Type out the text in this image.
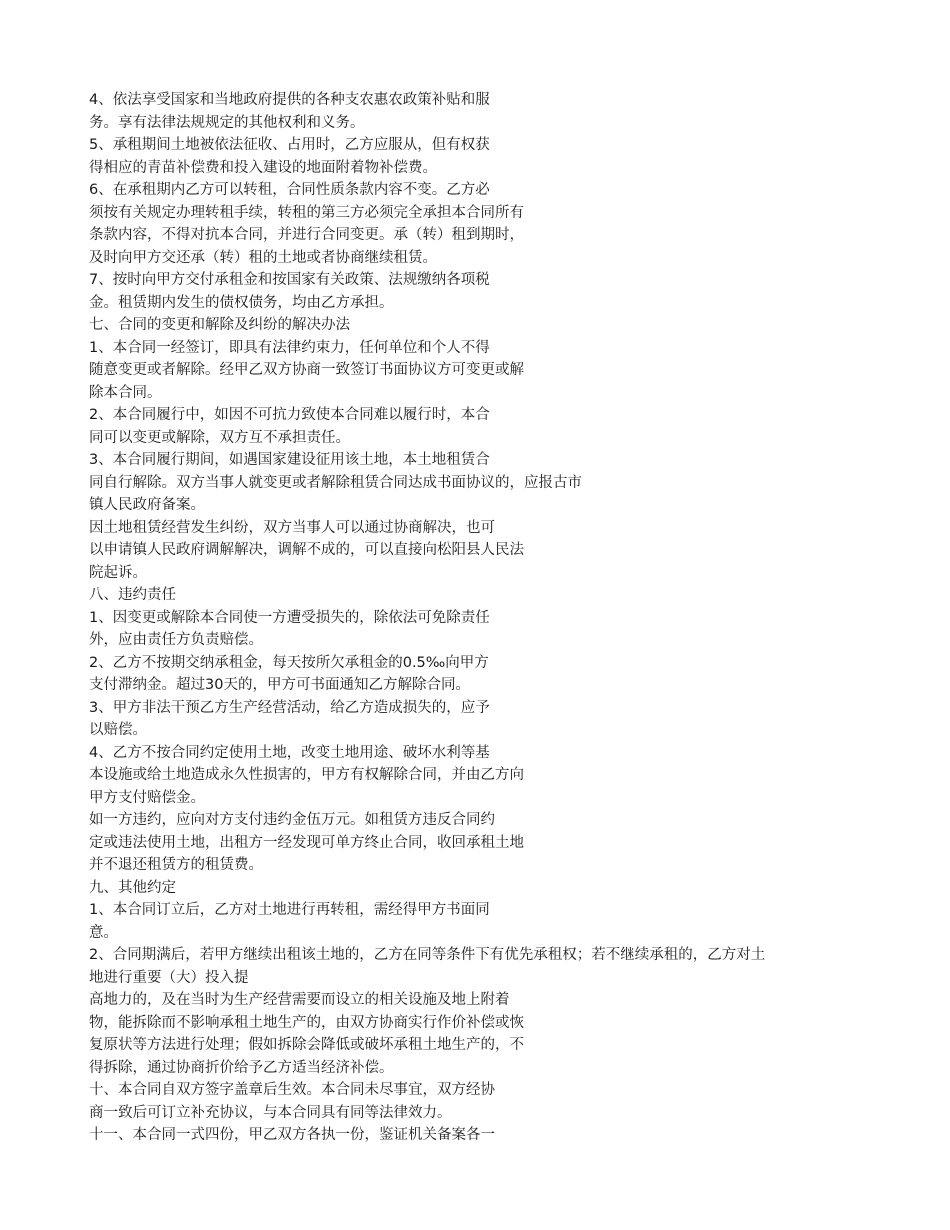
4、依法享受国家和当地政府提供的各种支农惠农政策补贴和服
务。享有法律法规规定的其他权利和义务。
5、承租期间土地被依法征收、占用时，乙方应服从，但有权获
得相应的青苗补偿费和投入建设的地面附着物补偿费。
6、在承租期内乙方可以转租，合同性质条款内容不变。乙方必
须按有关规定办理转租手续，转租的第三方必须完全承担本合同所有
条款内容，不得对抗本合同，并进行合同变更。承（转）租到期时，
及时向甲方交还承（转）租的土地或者协商继续租赁。
7、按时向甲方交付承租金和按国家有关政策、法规缴纳各项税
金。租赁期内发生的债权债务，均由乙方承担。
七、合同的变更和解除及纠纷的解决办法
1、本合同一经签订，即具有法律约束力，任何单位和个人不得
随意变更或者解除。经甲乙双方协商一致签订书面协议方可变更或解
除本合同。
2、本合同履行中，如因不可抗力致使本合同难以履行时，本合
同可以变更或解除，双方互不承担责任。
3、本合同履行期间，如遇国家建设征用该土地，本土地租赁合
同自行解除。双方当事人就变更或者解除租赁合同达成书面协议的，应报古市
镇人民政府备案。
因土地租赁经营发生纠纷，双方当事人可以通过协商解决，也可
以申请镇人民政府调解解决，调解不成的，可以直接向松阳县人民法
院起诉。
八、违约责任
1、因变更或解除本合同使一方遭受损失的，除依法可免除责任
外，应由责任方负责赔偿。
2、乙方不按期交纳承租金，每天按所欠承租金的0.5‰向甲方
支付滞纳金。超过30天的，甲方可书面通知乙方解除合同。
3、甲方非法干预乙方生产经营活动，给乙方造成损失的，应予
以赔偿。
4、乙方不按合同约定使用土地，改变土地用途、破坏水利等基
本设施或给土地造成永久性损害的，甲方有权解除合同，并由乙方向
甲方支付赔偿金。
如一方违约，应向对方支付违约金伍万元。如租赁方违反合同约
定或违法使用土地，出租方一经发现可单方终止合同，收回承租土地
并不退还租赁方的租赁费。
九、其他约定
1、本合同订立后，乙方对土地进行再转租，需经得甲方书面同
意。
2、合同期满后，若甲方继续出租该土地的，乙方在同等条件下有优先承租权；若不继续承租的，乙方对土
地进行重要（大）投入提
高地力的，及在当时为生产经营需要而设立的相关设施及地上附着
物，能拆除而不影响承租土地生产的，由双方协商实行作价补偿或恢
复原状等方法进行处理；假如拆除会降低或破坏承租土地生产的，不
得拆除，通过协商折价给予乙方适当经济补偿。
十、本合同自双方签字盖章后生效。本合同未尽事宜，双方经协
商一致后可订立补充协议，与本合同具有同等法律效力。
十一、本合同一式四份，甲乙双方各执一份，鉴证机关备案各一
